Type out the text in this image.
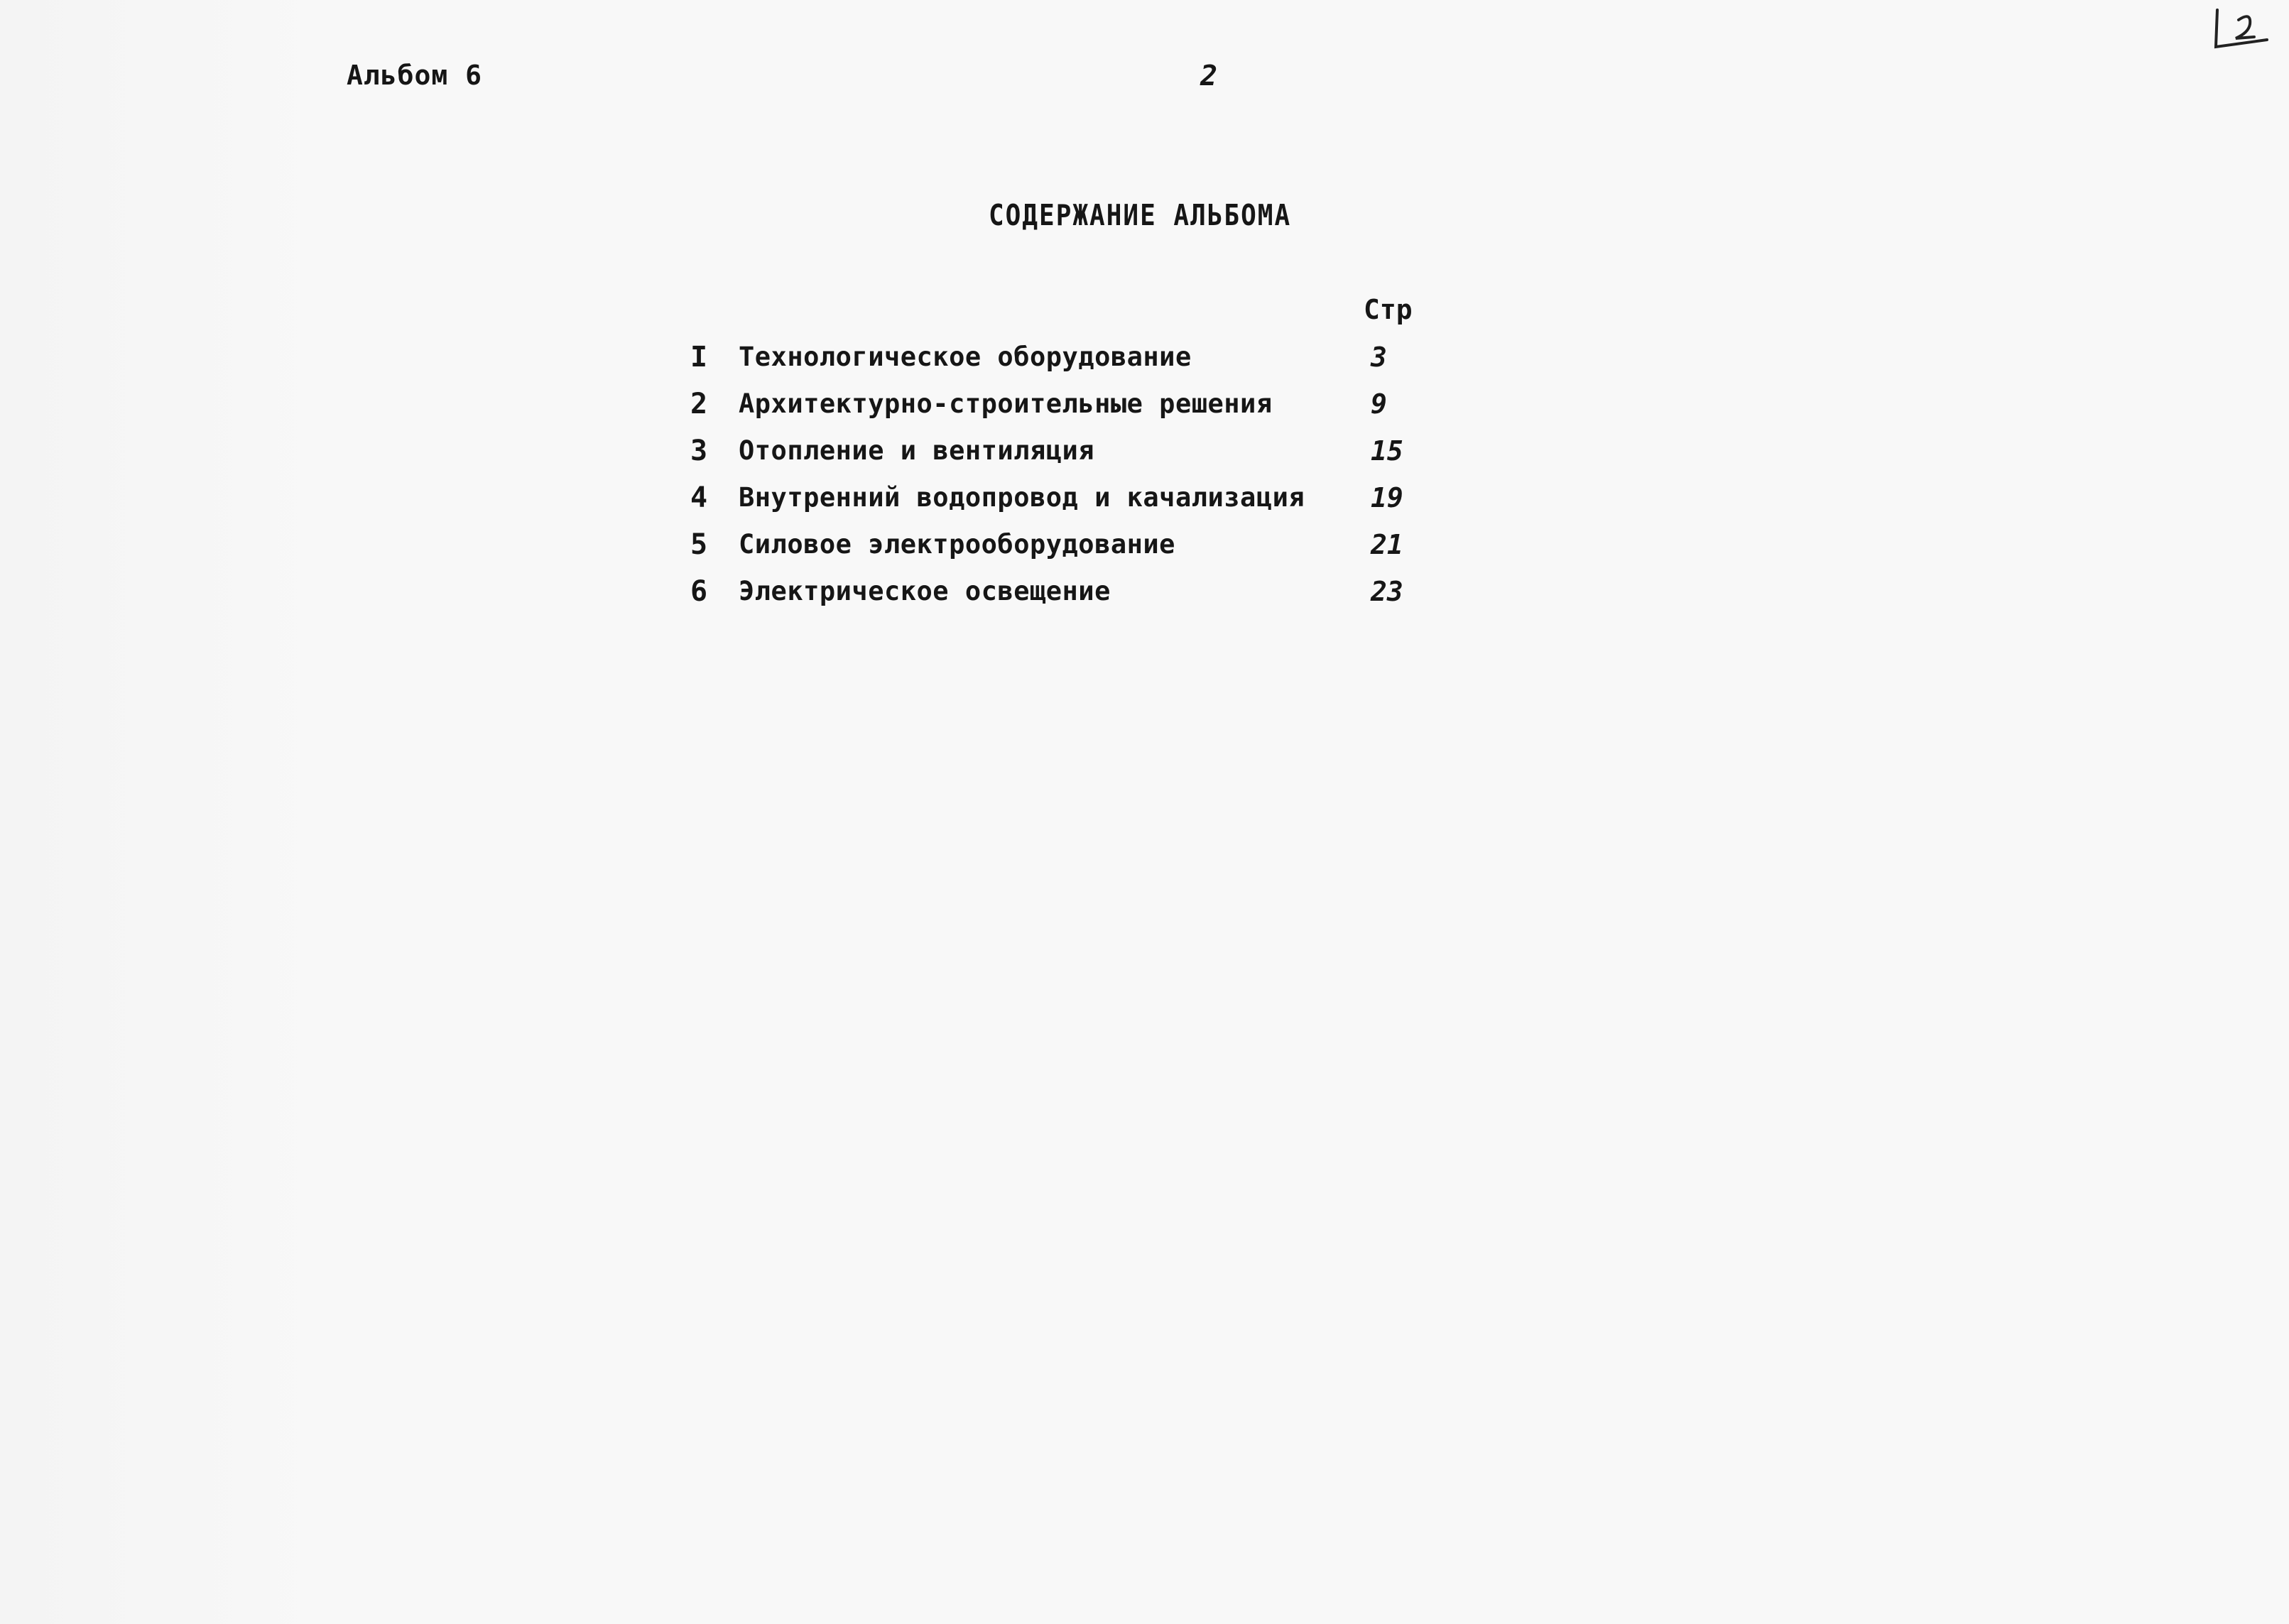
Альбом 6	2
СОДЕРЖАНИЕ АЛЬБОМА
Стр
I	Технологическое оборудование	3
2	Архитектурно-строительные решения	9
3	Отопление и вентиляция	15
4	Внутренний водопровод и качализация 19
5	Силовое электрооборудование	21
6	Электрическое освещение	23
